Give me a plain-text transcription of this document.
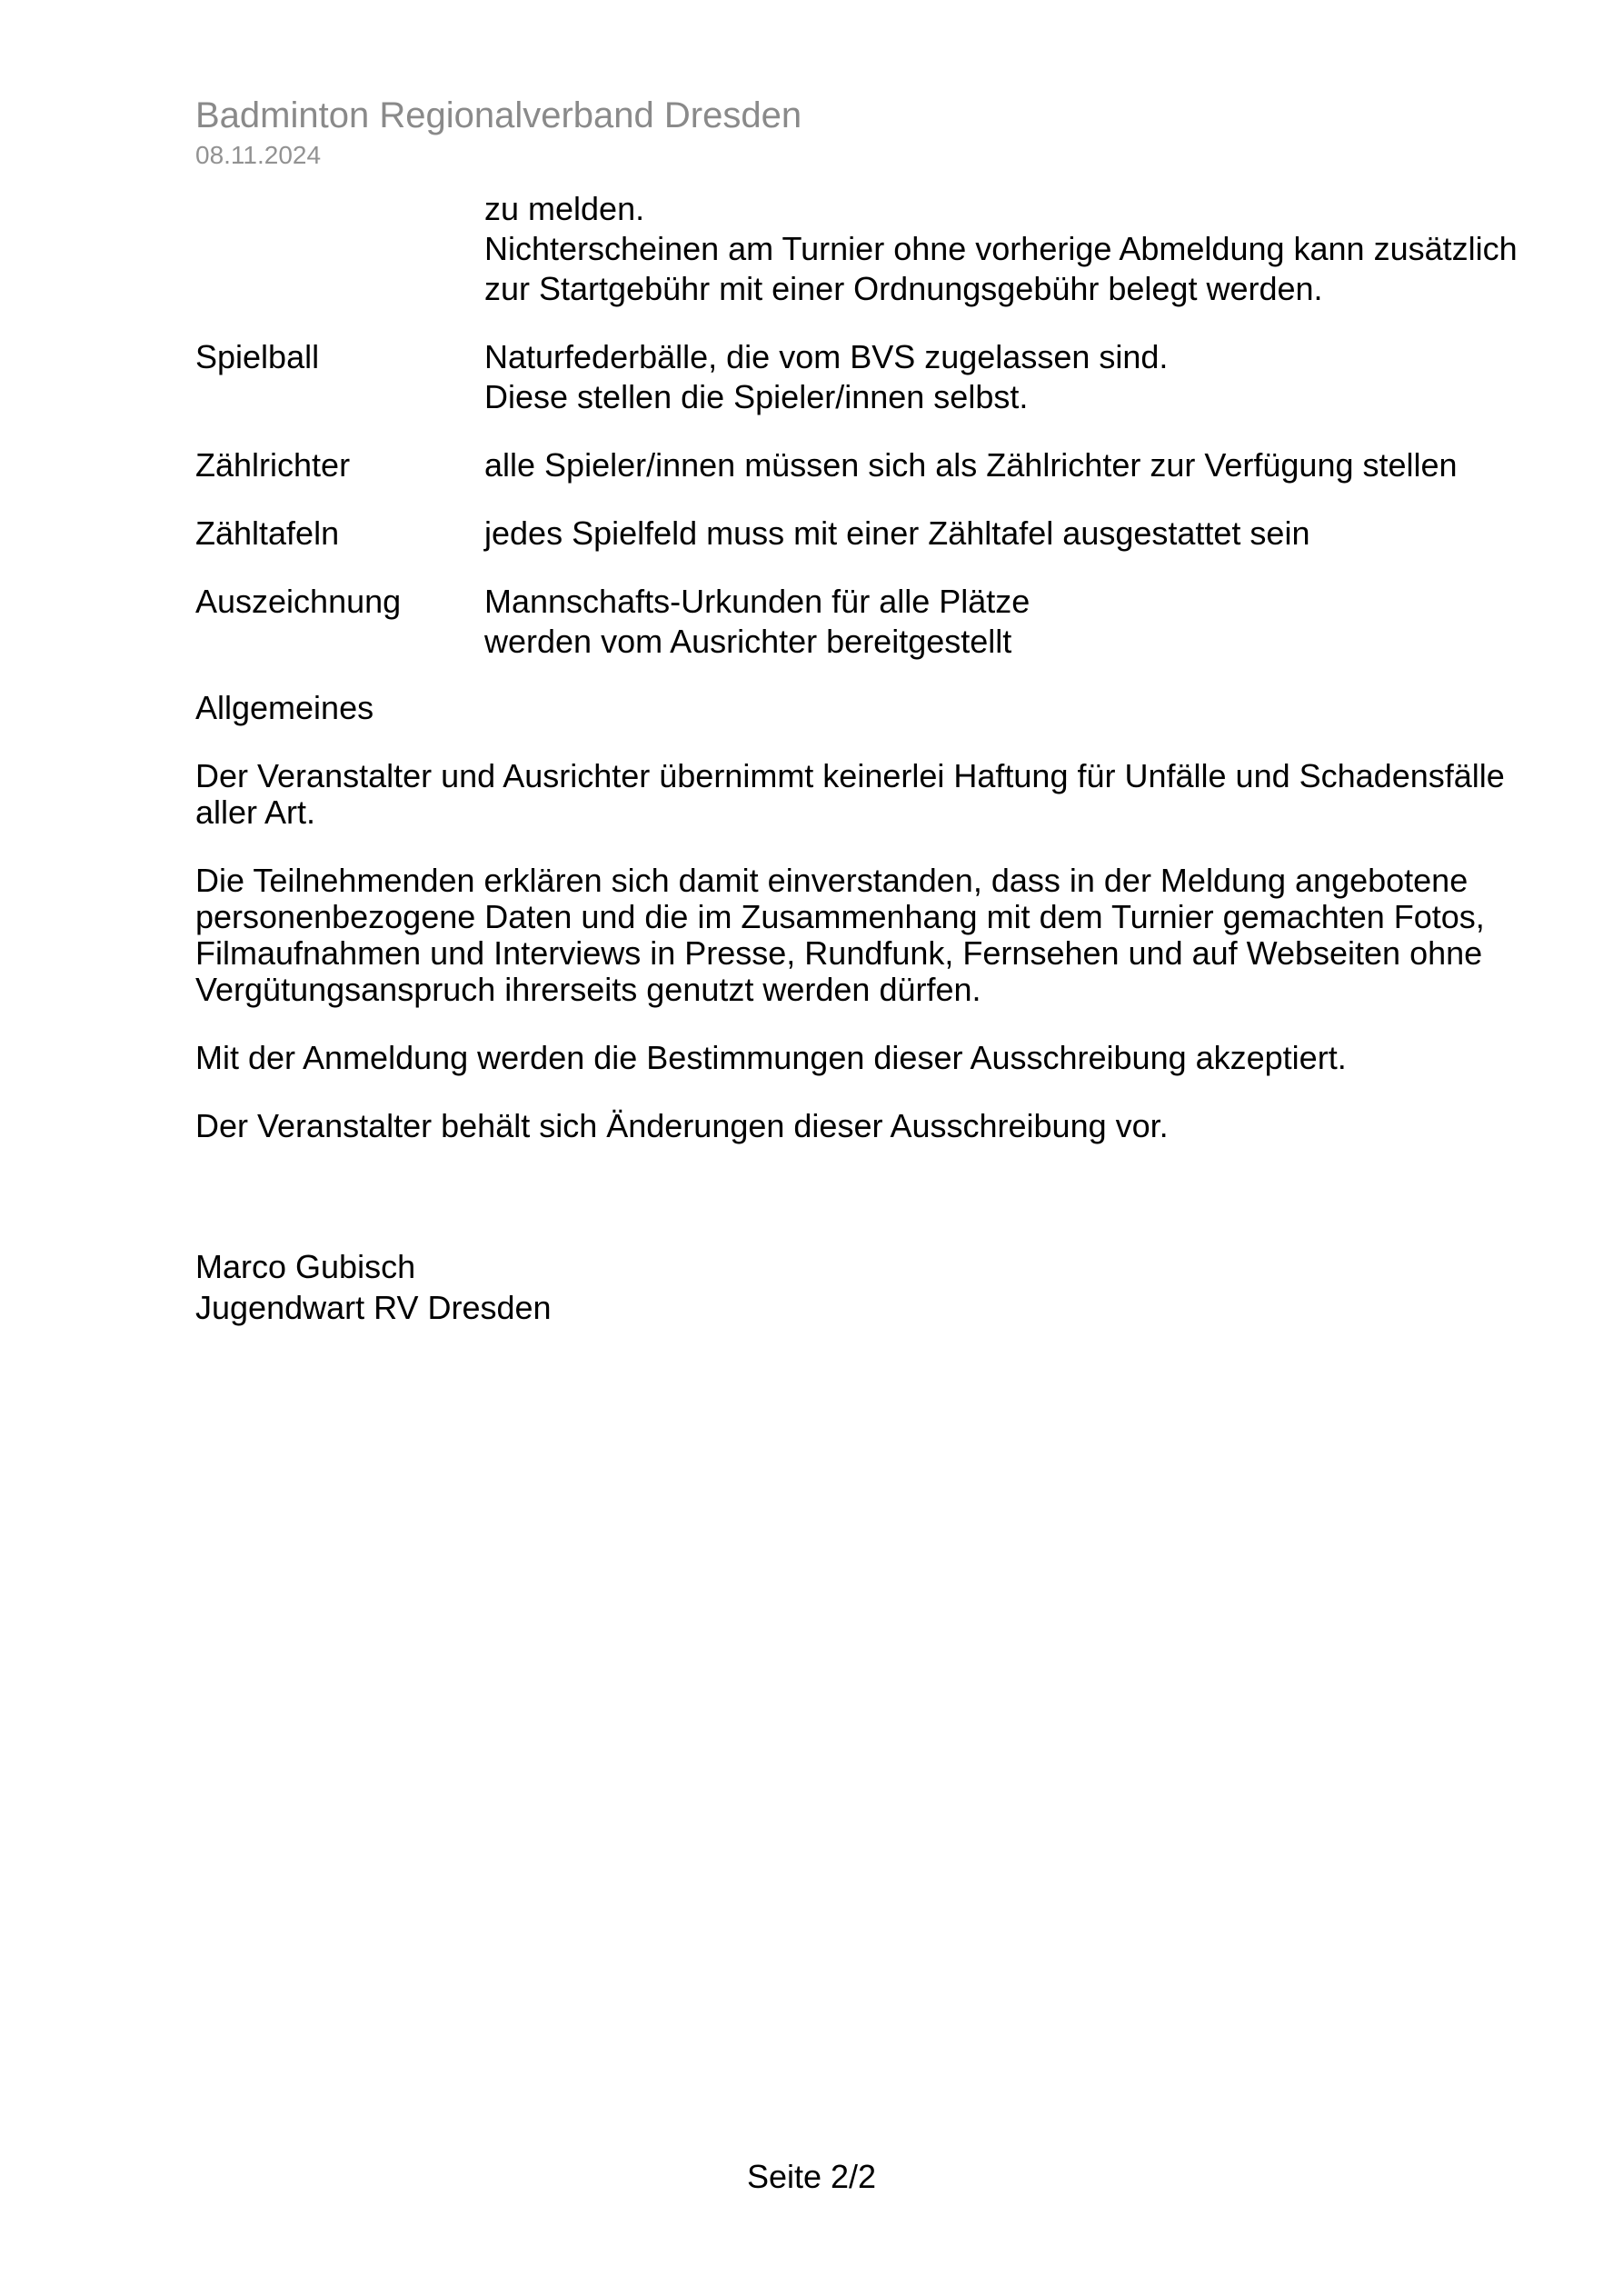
Badminton Regionalverband Dresden
08.11.2024
zu melden.
Nichterscheinen am Turnier ohne vorherige Abmeldung kann zusätzlich
zur Startgebühr mit einer Ordnungsgebühr belegt werden.
Spielball	Naturfederbälle, die vom BVS zugelassen sind.
Diese stellen die Spieler/innen selbst.
Zählrichter	alle Spieler/innen müssen sich als Zählrichter zur Verfügung stellen
Zähltafeln	jedes Spielfeld muss mit einer Zähltafel ausgestattet sein
Auszeichnung	Mannschafts-Urkunden für alle Plätze
werden vom Ausrichter bereitgestellt
Allgemeines
Der Veranstalter und Ausrichter übernimmt keinerlei Haftung für Unfälle und Schadensfälle
aller Art.
Die Teilnehmenden erklären sich damit einverstanden, dass in der Meldung angebotene
personenbezogene Daten und die im Zusammenhang mit dem Turnier gemachten Fotos,
Filmaufnahmen und Interviews in Presse, Rundfunk, Fernsehen und auf Webseiten ohne
Vergütungsanspruch ihrerseits genutzt werden dürfen.
Mit der Anmeldung werden die Bestimmungen dieser Ausschreibung akzeptiert.
Der Veranstalter behält sich Änderungen dieser Ausschreibung vor.
Marco Gubisch
Jugendwart RV Dresden
Seite 2/2
